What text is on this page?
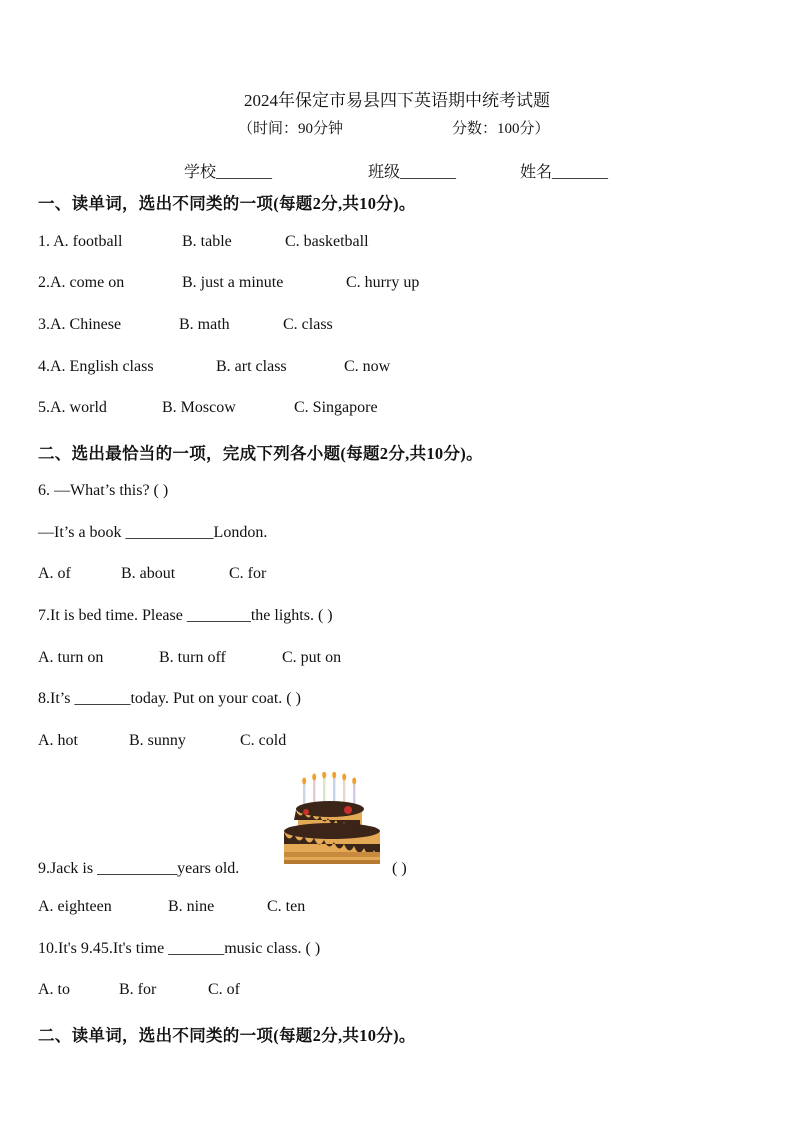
2024年保定市易县四下英语期中统考试题
（时间：90分钟	分数：100分）
学校_______	班级_______	姓名_______
一、读单词，选出不同类的一项(每题2分,共10分)。
1. A. football	B. table	C. basketball
2.A. come on	B. just a minute	C. hurry up
3.A. Chinese	B. math	C. class
4.A. English class	B. art class	C. now
5.A. world	B. Moscow	C. Singapore
二、选出最恰当的一项，完成下列各小题(每题2分,共10分)。
6. —What’s this? ( )
—It’s a book ___________London.
A. of	B. about	C. for
7.It is bed time. Please ________the lights. ( )
A. turn on	B. turn off	C. put on
8.It’s _______today. Put on your coat. ( )
A. hot	B. sunny	C. cold
9.Jack is __________years old.	( )
A. eighteen	B. nine	C. ten
10.It's 9.45.It's time _______music class. ( )
A. to	B. for	C. of
二、读单词，选出不同类的一项(每题2分,共10分)。
